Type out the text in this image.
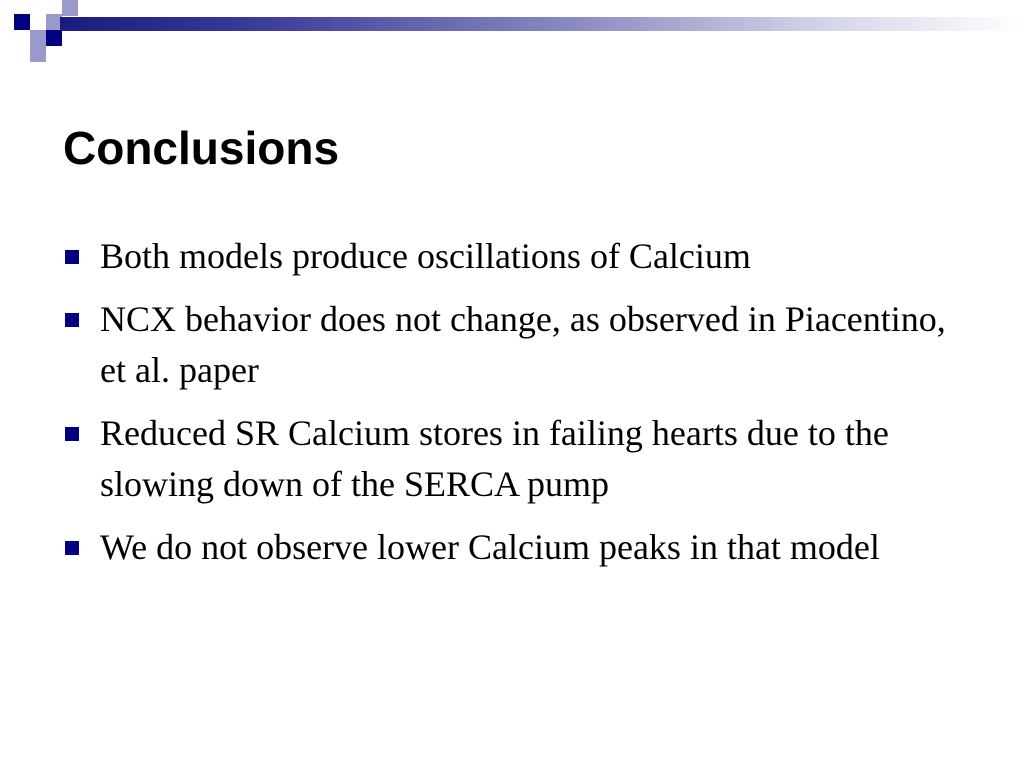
Conclusions
Both models produce oscillations of Calcium
NCX behavior does not change, as observed in Piacentino, et al. paper
Reduced SR Calcium stores in failing hearts due to the slowing down of the SERCA pump
We do not observe lower Calcium peaks in that model
